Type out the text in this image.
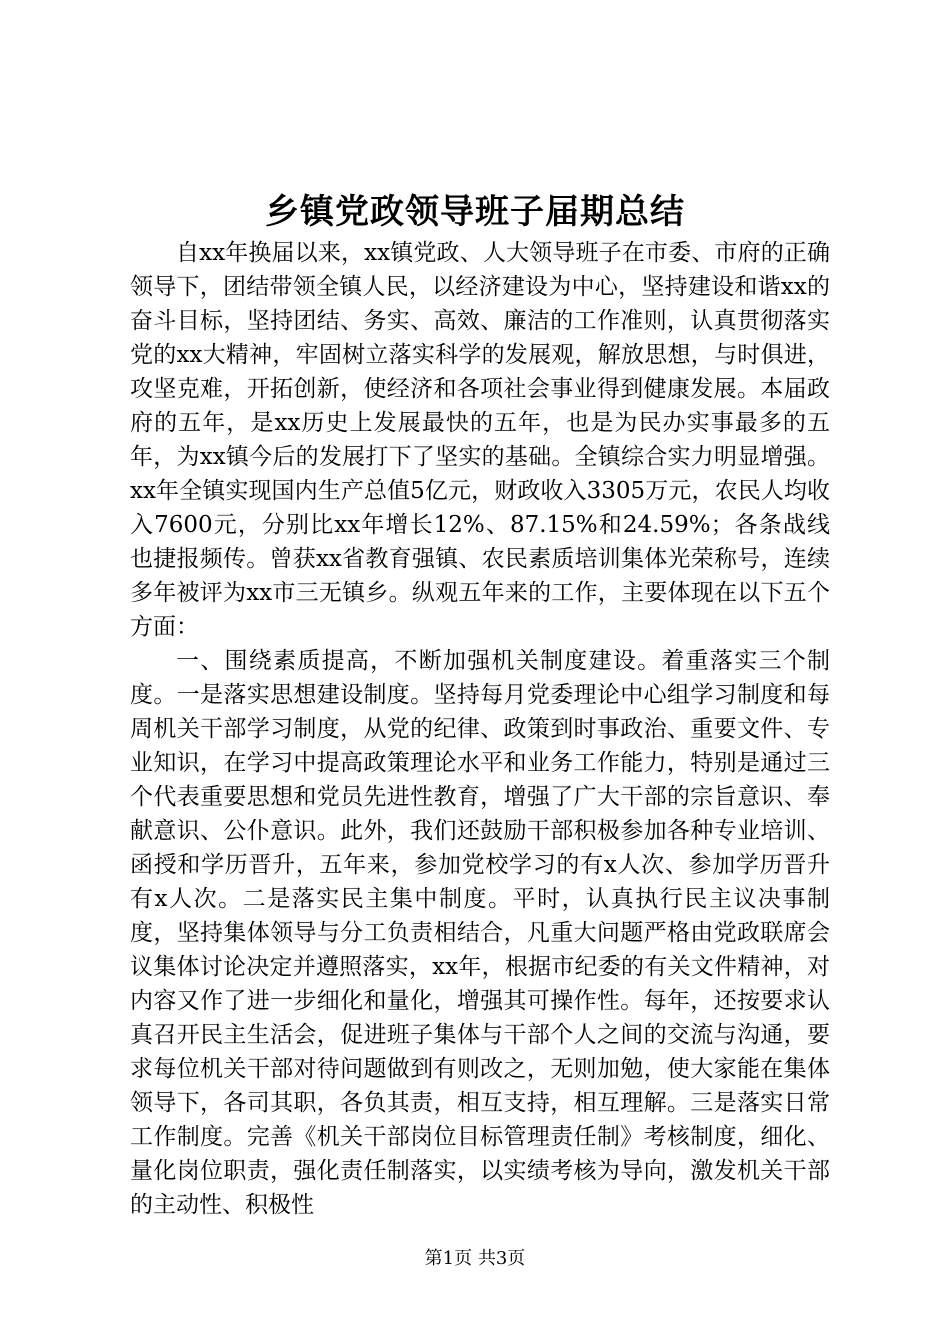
乡镇党政领导班子届期总结

自xx年换届以来，xx镇党政、人大领导班子在市委、市府的正确领导下，团结带领全镇人民，以经济建设为中心，坚持建设和谐xx的奋斗目标，坚持团结、务实、高效、廉洁的工作准则，认真贯彻落实党的xx大精神，牢固树立落实科学的发展观，解放思想，与时俱进，攻坚克难，开拓创新，使经济和各项社会事业得到健康发展。本届政府的五年，是xx历史上发展最快的五年，也是为民办实事最多的五年，为xx镇今后的发展打下了坚实的基础。全镇综合实力明显增强。xx年全镇实现国内生产总值5亿元，财政收入3305万元，农民人均收入7600元，分别比xx年增长12%、87.15%和24.59%；各条战线也捷报频传。曾获xx省教育强镇、农民素质培训集体光荣称号，连续多年被评为xx市三无镇乡。纵观五年来的工作，主要体现在以下五个方面：

一、围绕素质提高，不断加强机关制度建设。着重落实三个制度。一是落实思想建设制度。坚持每月党委理论中心组学习制度和每周机关干部学习制度，从党的纪律、政策到时事政治、重要文件、专业知识，在学习中提高政策理论水平和业务工作能力，特别是通过三个代表重要思想和党员先进性教育，增强了广大干部的宗旨意识、奉献意识、公仆意识。此外，我们还鼓励干部积极参加各种专业培训、函授和学历晋升，五年来，参加党校学习的有x人次、参加学历晋升有x人次。二是落实民主集中制度。平时，认真执行民主议决事制度，坚持集体领导与分工负责相结合，凡重大问题严格由党政联席会议集体讨论决定并遵照落实，xx年，根据市纪委的有关文件精神，对内容又作了进一步细化和量化，增强其可操作性。每年，还按要求认真召开民主生活会，促进班子集体与干部个人之间的交流与沟通，要求每位机关干部对待问题做到有则改之，无则加勉，使大家能在集体领导下，各司其职，各负其责，相互支持，相互理解。三是落实日常工作制度。完善《机关干部岗位目标管理责任制》考核制度，细化、量化岗位职责，强化责任制落实，以实绩考核为导向，激发机关干部的主动性、积极性

第1页 共3页
